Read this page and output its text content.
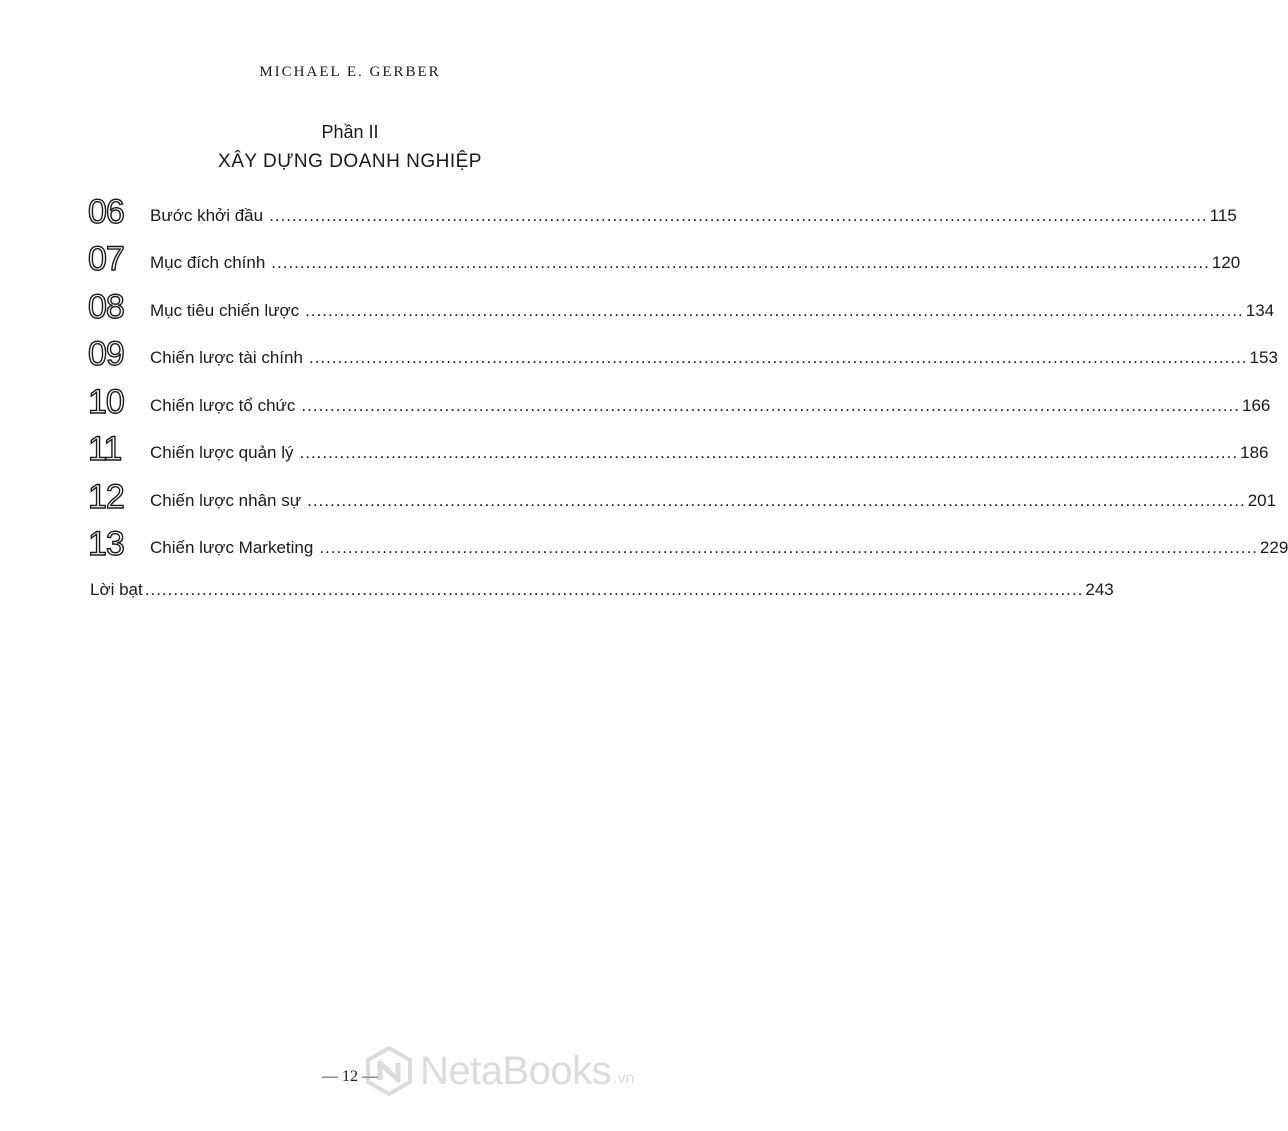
MICHAEL E. GERBER
Phần II
XÂY DỰNG DOANH NGHIỆP
06	Bước khởi đầu .....	115
07	Mục đích chính .....	120
08	Mục tiêu chiến lược .....	134
09	Chiến lược tài chính .....	153
10	Chiến lược tổ chức .....	166
11	Chiến lược quản lý .....	186
12	Chiến lược nhân sự .....	201
13	Chiến lược Marketing .....	229
Lời bạt .....	243
— 12 —	NetaBooks .vn
